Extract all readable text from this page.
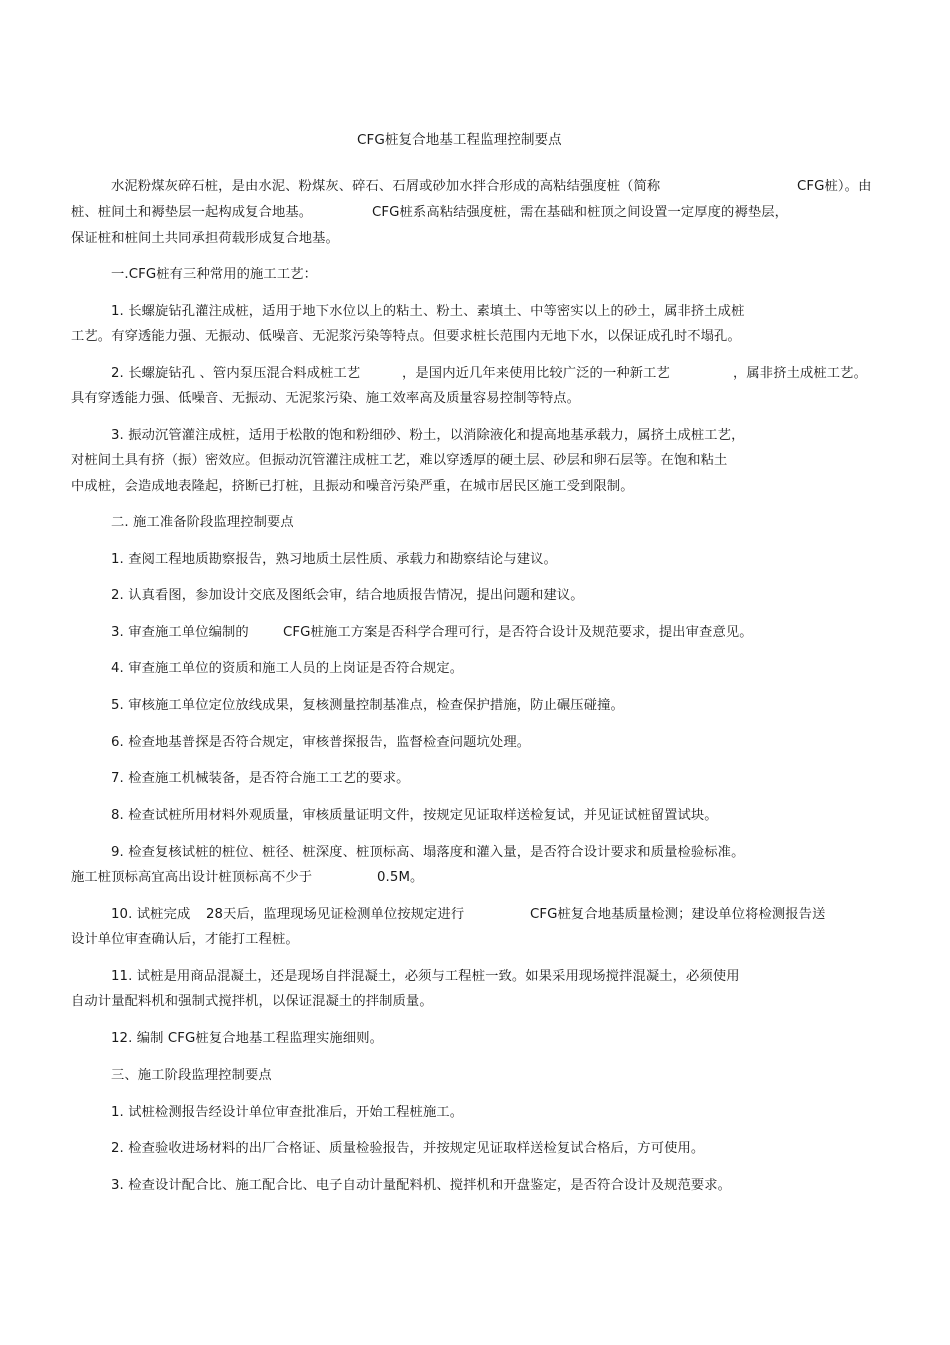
CFG桩复合地基工程监理控制要点
水泥粉煤灰碎石桩，是由水泥、粉煤灰、碎石、石屑或砂加水拌合形成的高粘结强度桩（简称	CFG桩）。由
桩、桩间土和褥垫层一起构成复合地基。	CFG桩系高粘结强度桩，需在基础和桩顶之间设置一定厚度的褥垫层，
保证桩和桩间土共同承担荷载形成复合地基。
一.CFG桩有三种常用的施工工艺：
1. 长螺旋钻孔灌注成桩，适用于地下水位以上的粘土、粉土、素填土、中等密实以上的砂土，属非挤土成桩
工艺。有穿透能力强、无振动、低噪音、无泥浆污染等特点。但要求桩长范围内无地下水，以保证成孔时不塌孔。
2. 长螺旋钻孔 、管内泵压混合料成桩工艺	，是国内近几年来使用比较广泛的一种新工艺	，属非挤土成桩工艺。
具有穿透能力强、低噪音、无振动、无泥浆污染、施工效率高及质量容易控制等特点。
3. 振动沉管灌注成桩，适用于松散的饱和粉细砂、粉土，以消除液化和提高地基承载力，属挤土成桩工艺，
对桩间土具有挤（振）密效应。但振动沉管灌注成桩工艺，难以穿透厚的硬土层、砂层和卵石层等。在饱和粘土
中成桩，会造成地表隆起，挤断已打桩，且振动和噪音污染严重，在城市居民区施工受到限制。
二. 施工准备阶段监理控制要点
1. 查阅工程地质勘察报告，熟习地质土层性质、承载力和勘察结论与建议。
2. 认真看图，参加设计交底及图纸会审，结合地质报告情况，提出问题和建议。
3. 审查施工单位编制的	CFG桩施工方案是否科学合理可行，是否符合设计及规范要求，提出审查意见。
4. 审查施工单位的资质和施工人员的上岗证是否符合规定。
5. 审核施工单位定位放线成果，复核测量控制基准点，检查保护措施，防止碾压碰撞。
6. 检查地基普探是否符合规定，审核普探报告，监督检查问题坑处理。
7. 检查施工机械装备，是否符合施工工艺的要求。
8. 检查试桩所用材料外观质量，审核质量证明文件，按规定见证取样送检复试，并见证试桩留置试块。
9. 检查复核试桩的桩位、桩径、桩深度、桩顶标高、塌落度和灌入量，是否符合设计要求和质量检验标准。
施工桩顶标高宜高出设计桩顶标高不少于	0.5M。
10. 试桩完成 28天后，监理现场见证检测单位按规定进行	CFG桩复合地基质量检测；建设单位将检测报告送
设计单位审查确认后，才能打工程桩。
11. 试桩是用商品混凝土，还是现场自拌混凝土，必须与工程桩一致。如果采用现场搅拌混凝土，必须使用
自动计量配料机和强制式搅拌机，以保证混凝土的拌制质量。
12. 编制 CFG桩复合地基工程监理实施细则。
三、施工阶段监理控制要点
1. 试桩检测报告经设计单位审查批准后，开始工程桩施工。
2. 检查验收进场材料的出厂合格证、质量检验报告，并按规定见证取样送检复试合格后，方可使用。
3. 检查设计配合比、施工配合比、电子自动计量配料机、搅拌机和开盘鉴定，是否符合设计及规范要求。
